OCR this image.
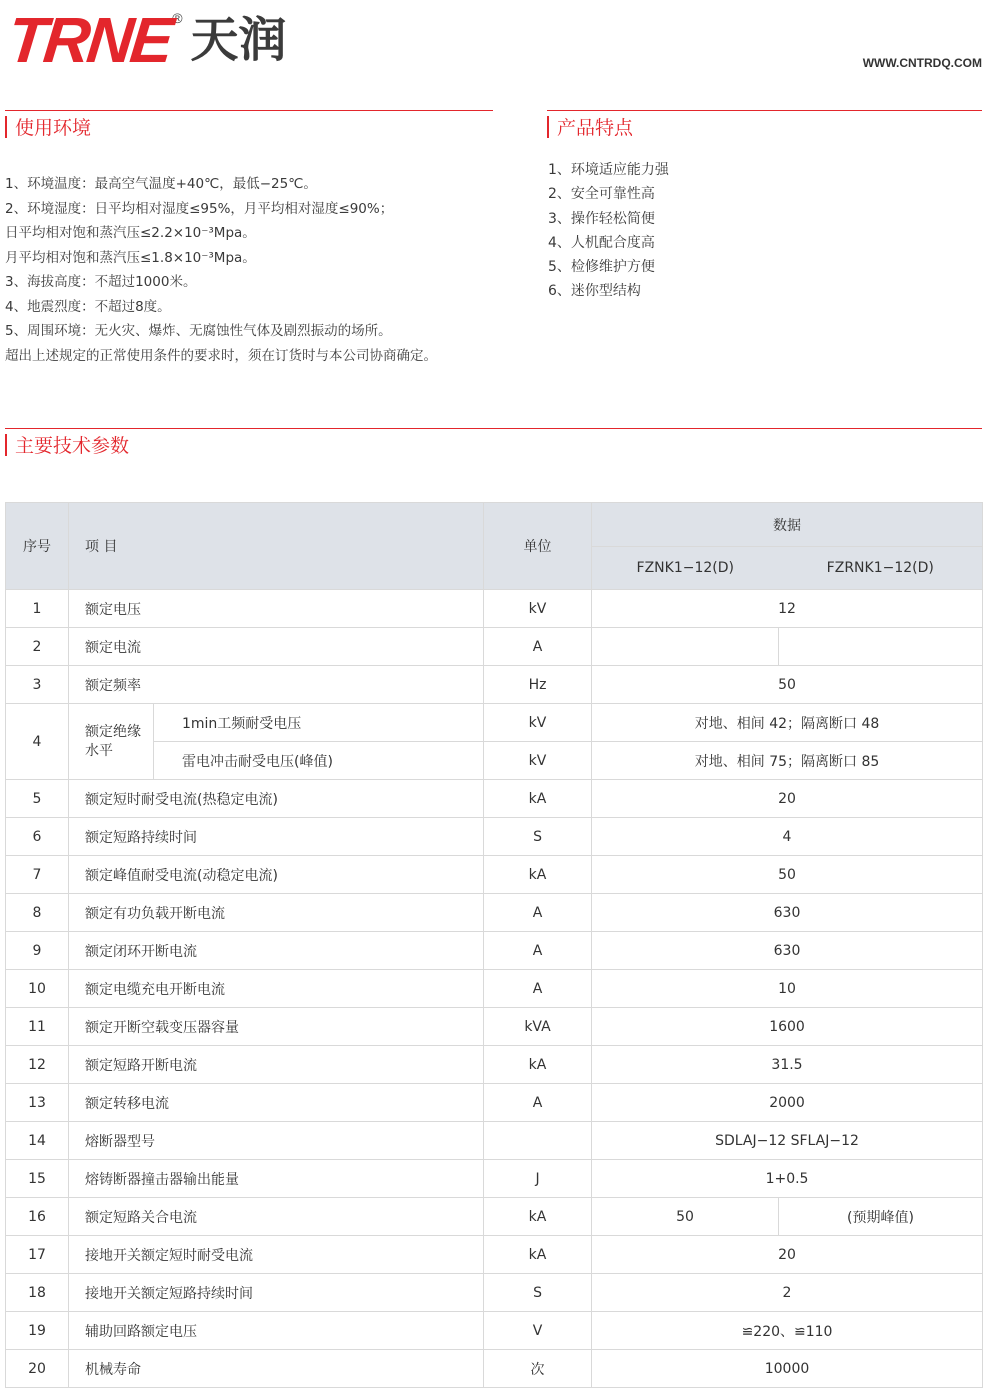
TRNE
® 天润	WWW.CNTRDQ.COM
使用环境
1、环境温度：最高空气温度+40℃，最低−25℃。
2、环境湿度：日平均相对湿度≤95%，月平均相对湿度≤90%；
日平均相对饱和蒸汽压≤2.2×10⁻³Mpa。
月平均相对饱和蒸汽压≤1.8×10⁻³Mpa。
3、海拔高度：不超过1000米。
4、地震烈度：不超过8度。
5、周围环境：无火灾、爆炸、无腐蚀性气体及剧烈振动的场所。
超出上述规定的正常使用条件的要求时，须在订货时与本公司协商确定。
产品特点
1、环境适应能力强
2、安全可靠性高
3、操作轻松简便
4、人机配合度高
5、检修维护方便
6、迷你型结构
主要技术参数
序号	项 目		单位	数据	
				FZNK1−12(D)	FZRNK1−12(D)
1	额定电压		kV	12	
2	额定电流		A		
3	额定频率		Hz	50	
4	额定绝缘水平	1min工频耐受电压	kV	对地、相间 42；隔离断口 48	
		雷电冲击耐受电压(峰值)	kV	对地、相间 75；隔离断口 85	
5	额定短时耐受电流(热稳定电流)		kA	20	
6	额定短路持续时间		S	4	
7	额定峰值耐受电流(动稳定电流)		kA	50	
8	额定有功负载开断电流		A	630	
9	额定闭环开断电流		A	630	
10	额定电缆充电开断电流		A	10	
11	额定开断空载变压器容量		kVA	1600	
12	额定短路开断电流		kA	31.5	
13	额定转移电流		A	2000	
14	熔断器型号			SDLAJ−12 SFLAJ−12	
15	熔铸断器撞击器输出能量		J	1+0.5	
16	额定短路关合电流		kA	50	(预期峰值)
17	接地开关额定短时耐受电流		kA	20	
18	接地开关额定短路持续时间		S	2	
19	辅助回路额定电压		V	≌220、≌110	
20	机械寿命		次	10000	
